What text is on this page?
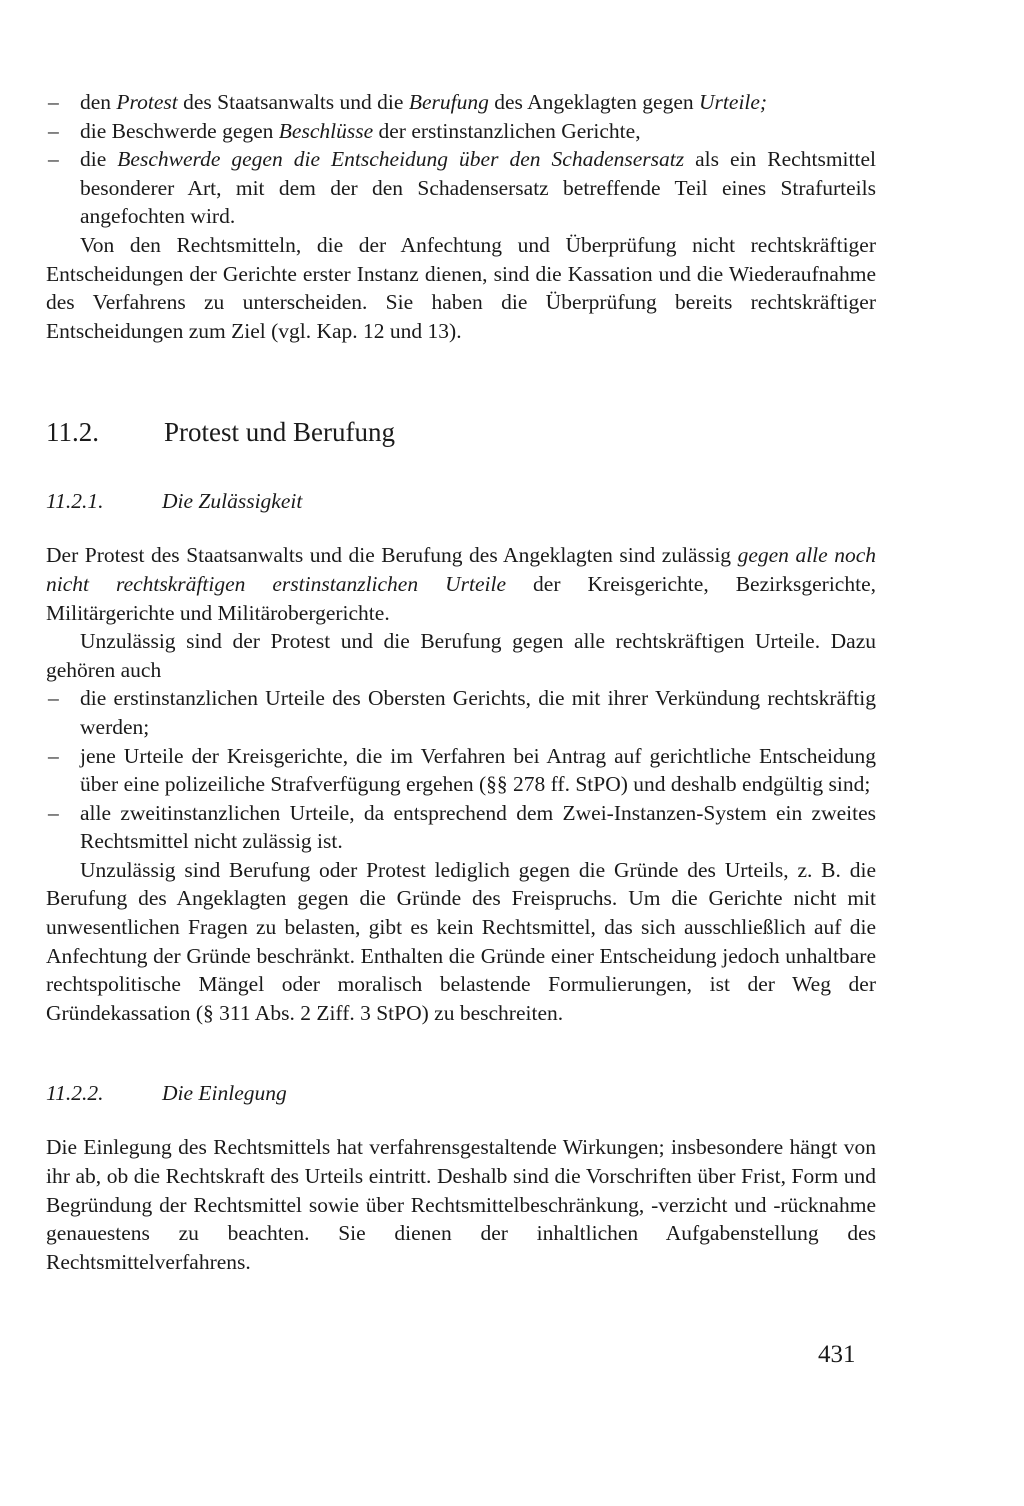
– den Protest des Staatsanwalts und die Berufung des Angeklagten gegen Urteile;
– die Beschwerde gegen Beschlüsse der erstinstanzlichen Gerichte,
– die Beschwerde gegen die Entscheidung über den Schadensersatz als ein Rechtsmittel besonderer Art, mit dem der den Schadensersatz betreffende Teil eines Strafurteils angefochten wird.

Von den Rechtsmitteln, die der Anfechtung und Überprüfung nicht rechtskräftiger Entscheidungen der Gerichte erster Instanz dienen, sind die Kassation und die Wiederaufnahme des Verfahrens zu unterscheiden. Sie haben die Überprüfung bereits rechtskräftiger Entscheidungen zum Ziel (vgl. Kap. 12 und 13).

11.2. Protest und Berufung
11.2.1.	Die Zulässigkeit

Der Protest des Staatsanwalts und die Berufung des Angeklagten sind zulässig gegen alle noch nicht rechtskräftigen erstinstanzlichen Urteile der Kreisgerichte, Bezirksgerichte, Militärgerichte und Militärobergerichte.

Unzulässig sind der Protest und die Berufung gegen alle rechtskräftigen Urteile. Dazu gehören auch

– die erstinstanzlichen Urteile des Obersten Gerichts, die mit ihrer Verkündung rechtskräftig werden;
– jene Urteile der Kreisgerichte, die im Verfahren bei Antrag auf gerichtliche Entscheidung über eine polizeiliche Strafverfügung ergehen (§§ 278 ff. StPO) und deshalb endgültig sind;
– alle zweitinstanzlichen Urteile, da entsprechend dem Zwei-Instanzen-System ein zweites Rechtsmittel nicht zulässig ist.

Unzulässig sind Berufung oder Protest lediglich gegen die Gründe des Urteils, z. B. die Berufung des Angeklagten gegen die Gründe des Freispruchs. Um die Gerichte nicht mit unwesentlichen Fragen zu belasten, gibt es kein Rechtsmittel, das sich ausschließlich auf die Anfechtung der Gründe beschränkt. Enthalten die Gründe einer Entscheidung jedoch unhaltbare rechtspolitische Mängel oder moralisch belastende Formulierungen, ist der Weg der Gründekassation (§ 311 Abs. 2 Ziff. 3 StPO) zu beschreiten.

11.2.2.	Die Einlegung

Die Einlegung des Rechtsmittels hat verfahrensgestaltende Wirkungen; insbesondere hängt von ihr ab, ob die Rechtskraft des Urteils eintritt. Deshalb sind die Vorschriften über Frist, Form und Begründung der Rechtsmittel sowie über Rechtsmittelbeschränkung, -verzicht und -rücknahme genauestens zu beachten. Sie dienen der inhaltlichen Aufgabenstellung des Rechtsmittelverfahrens.

431
